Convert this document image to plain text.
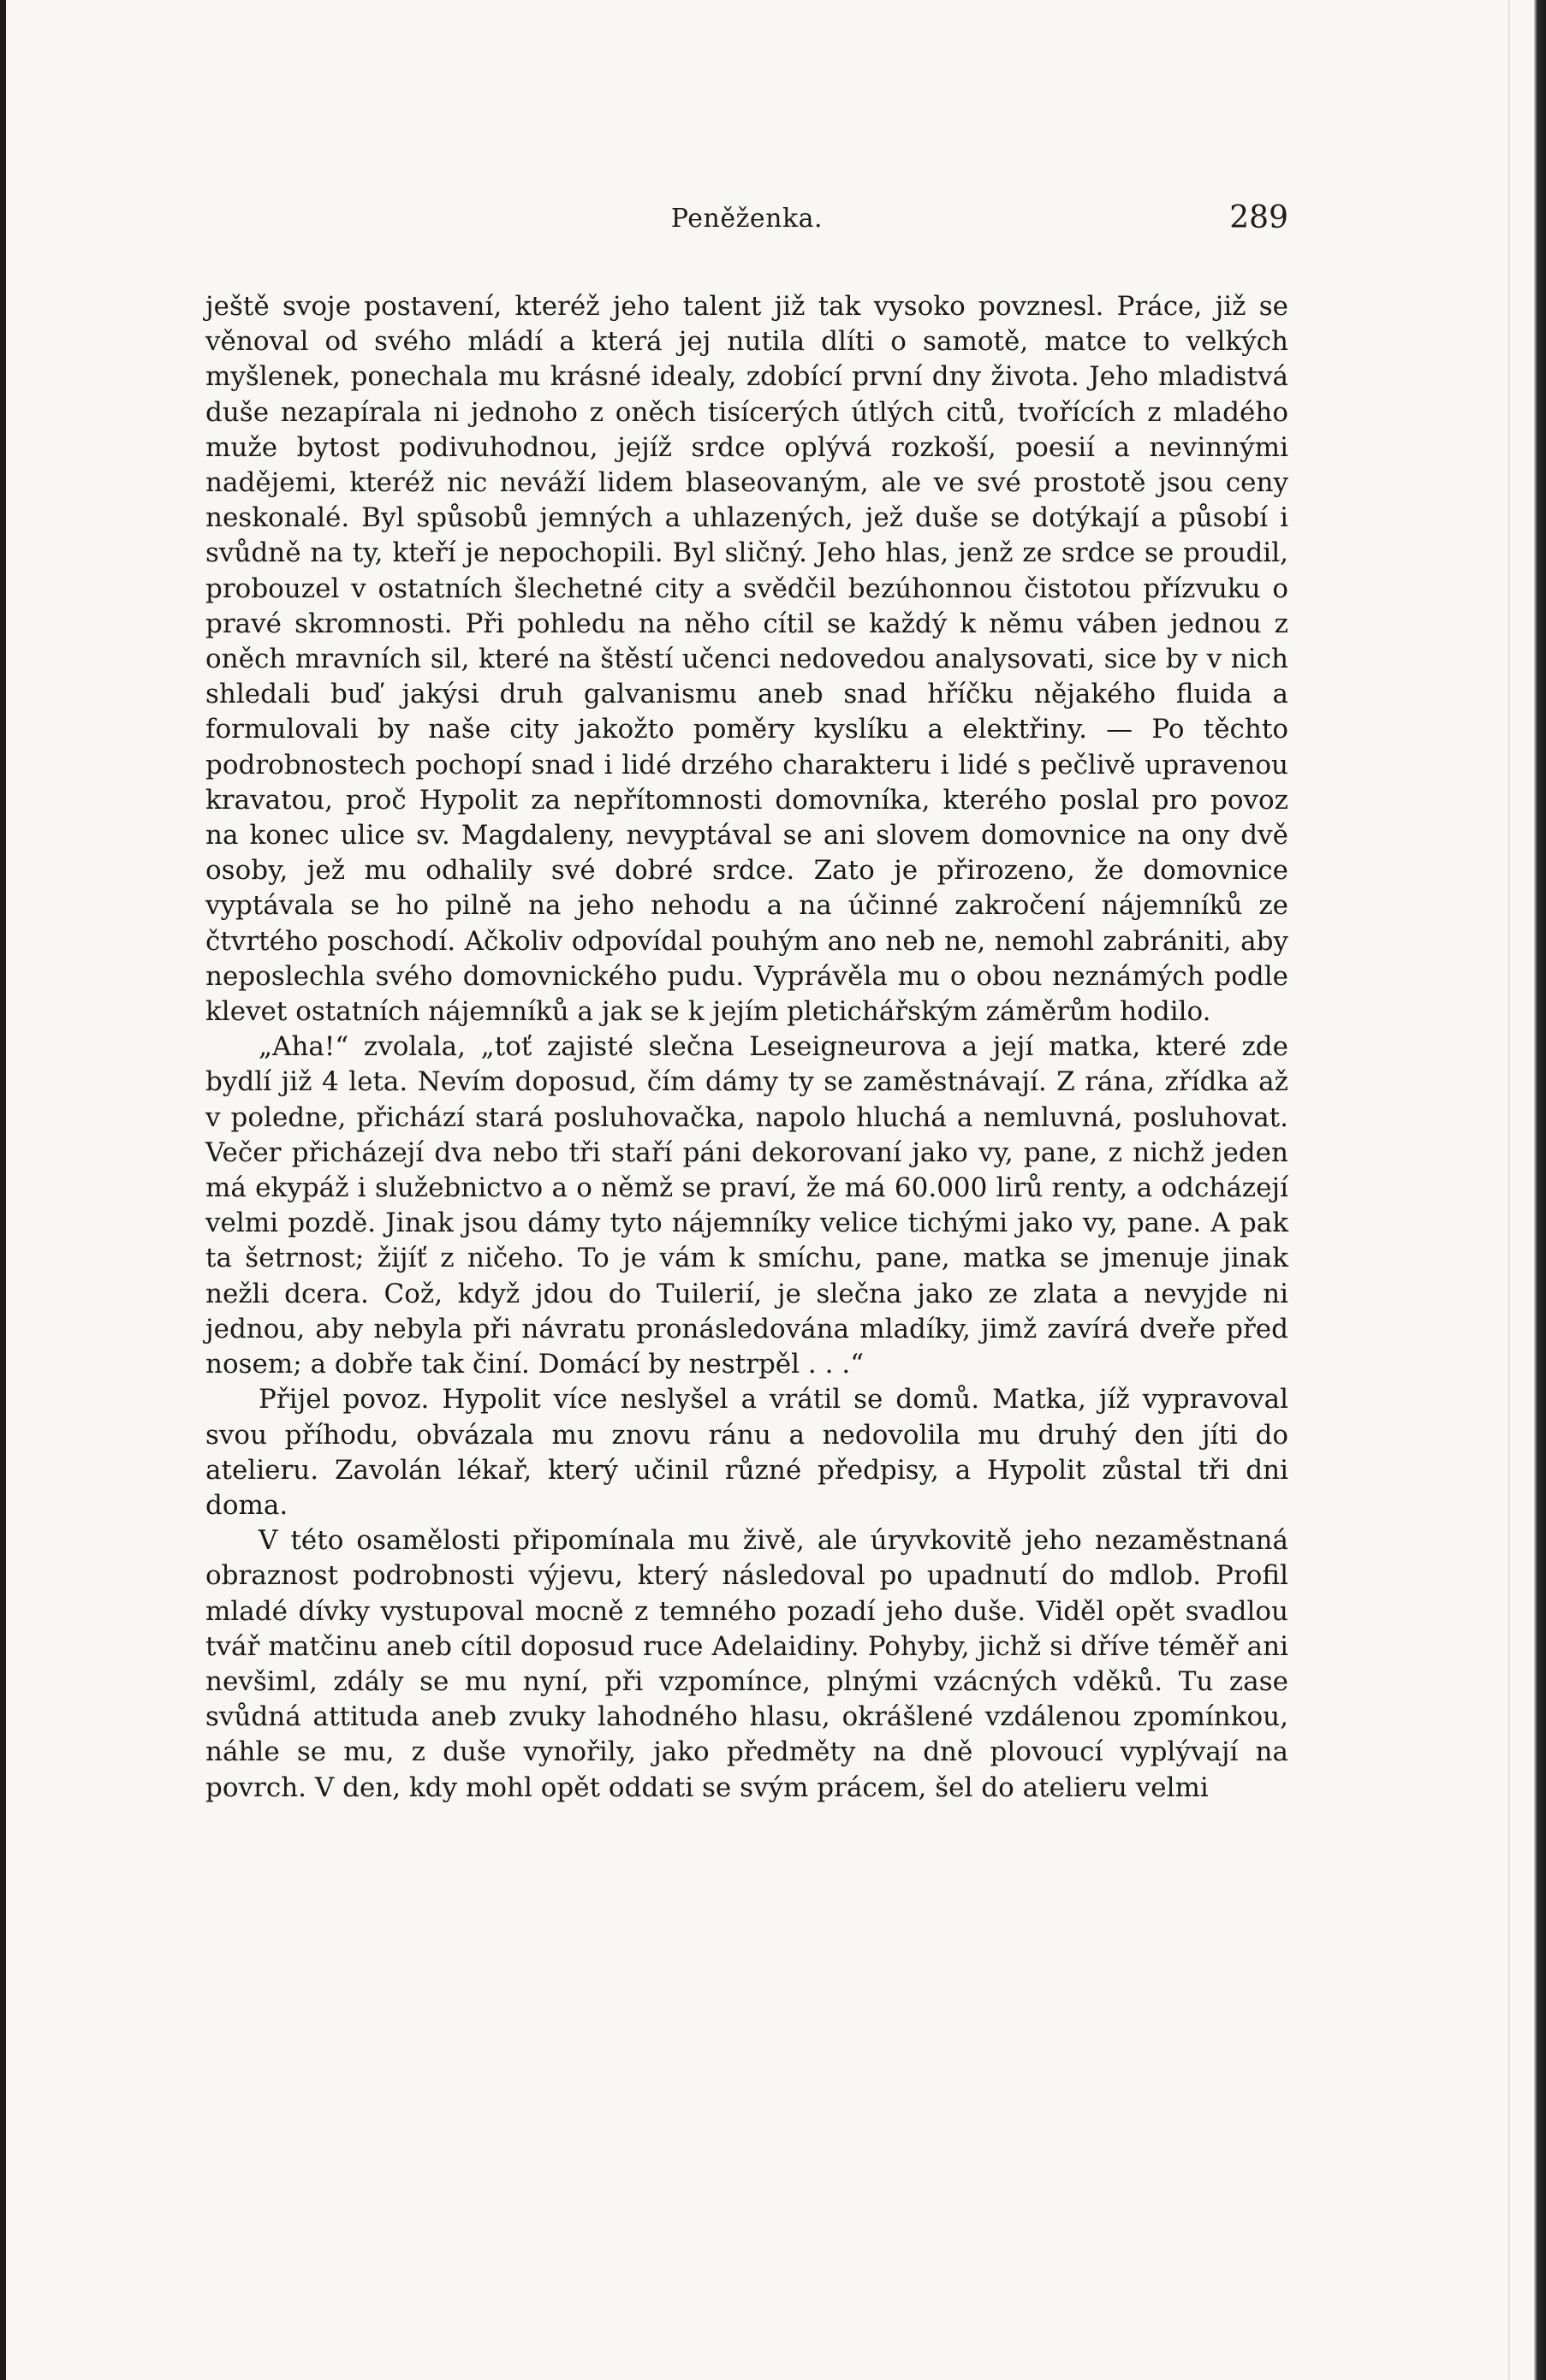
Peněženka.	289

ještě svoje postavení, kteréž jeho talent již tak vysoko povznesl. Práce, již se věnoval od svého mládí a která jej nutila dlíti o samotě, matce to velkých myšlenek, ponechala mu krásné idealy, zdobící první dny života. Jeho mladistvá duše nezapírala ni jednoho z oněch tisícerých útlých citů, tvořících z mladého muže bytost podivuhodnou, jejíž srdce oplývá rozkoší, poesií a nevinnými nadějemi, kteréž nic neváží lidem blaseovaným, ale ve své prostotě jsou ceny neskonalé. Byl spůsobů jemných a uhlazených, jež duše se dotýkají a působí i svůdně na ty, kteří je nepochopili. Byl sličný. Jeho hlas, jenž ze srdce se proudil, probouzel v ostatních šlechetné city a svědčil bezúhonnou čistotou přízvuku o pravé skromnosti. Při pohledu na něho cítil se každý k němu váben jednou z oněch mravních sil, které na štěstí učenci nedovedou analysovati, sice by v nich shledali buď jakýsi druh galvanismu aneb snad hříčku nějakého fluida a formulovali by naše city jakožto poměry kyslíku a elektřiny. — Po těchto podrobnostech pochopí snad i lidé drzého charakteru i lidé s pečlivě upravenou kravatou, proč Hypolit za nepřítomnosti domovníka, kterého poslal pro povoz na konec ulice sv. Magdaleny, nevyptával se ani slovem domovnice na ony dvě osoby, jež mu odhalily své dobré srdce. Zato je přirozeno, že domovnice vyptávala se ho pilně na jeho nehodu a na účinné zakročení nájemníků ze čtvrtého poschodí. Ačkoliv odpovídal pouhým ano neb ne, nemohl zabrániti, aby neposlechla svého domovnického pudu. Vyprávěla mu o obou neznámých podle klevet ostatních nájemníků a jak se k jejím pletichářským záměrům hodilo.

„Aha!“ zvolala, „toť zajisté slečna Leseigneurova a její matka, které zde bydlí již 4 leta. Nevím doposud, čím dámy ty se zaměstnávají. Z rána, zřídka až v poledne, přichází stará posluhovačka, napolo hluchá a nemluvná, posluhovat. Večer přicházejí dva nebo tři staří páni dekorovaní jako vy, pane, z nichž jeden má ekypáž i služebnictvo a o němž se praví, že má 60.000 lirů renty, a odcházejí velmi pozdě. Jinak jsou dámy tyto nájemníky velice tichými jako vy, pane. A pak ta šetrnost; žijíť z ničeho. To je vám k smíchu, pane, matka se jmenuje jinak nežli dcera. Což, když jdou do Tuilerií, je slečna jako ze zlata a nevyjde ni jednou, aby nebyla při návratu pronásledována mladíky, jimž zavírá dveře před nosem; a dobře tak činí. Domácí by nestrpěl . . .“

Přijel povoz. Hypolit více neslyšel a vrátil se domů. Matka, jíž vypravoval svou příhodu, obvázala mu znovu ránu a nedovolila mu druhý den jíti do atelieru. Zavolán lékař, který učinil různé předpisy, a Hypolit zůstal tři dni doma.

V této osamělosti připomínala mu živě, ale úryvkovitě jeho nezaměstnaná obraznost podrobnosti výjevu, který následoval po upadnutí do mdlob. Profil mladé dívky vystupoval mocně z temného pozadí jeho duše. Viděl opět svadlou tvář matčinu aneb cítil doposud ruce Adelaidiny. Pohyby, jichž si dříve téměř ani nevšiml, zdály se mu nyní, při vzpomínce, plnými vzácných vděků. Tu zase svůdná attituda aneb zvuky lahodného hlasu, okrášlené vzdálenou zpomínkou, náhle se mu, z duše vynořily, jako předměty na dně plovoucí vyplývají na povrch. V den, kdy mohl opět oddati se svým prácem, šel do atelieru velmi
